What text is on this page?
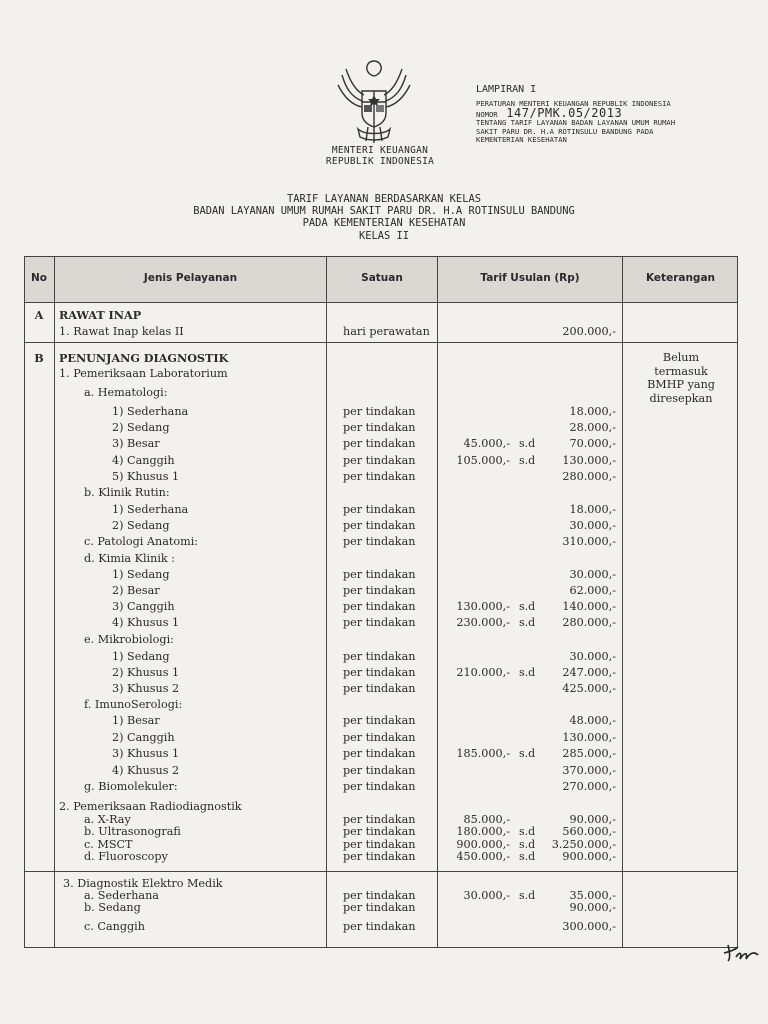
MENTERI KEUANGAN
REPUBLIK INDONESIA
LAMPIRAN I
PERATURAN MENTERI KEUANGAN REPUBLIK INDONESIA
NOMOR 147/PMK.05/2013
TENTANG TARIF LAYANAN BADAN LAYANAN UMUM RUMAH
SAKIT PARU DR. H.A ROTINSULU BANDUNG PADA
KEMENTERIAN KESEHATAN
TARIF LAYANAN BERDASARKAN KELAS
BADAN LAYANAN UMUM RUMAH SAKIT PARU DR. H.A ROTINSULU BANDUNG
PADA KEMENTERIAN KESEHATAN
KELAS II
No	Jenis Pelayanan	Satuan	Tarif Usulan (Rp)	Keterangan
Belum
termasuk
BMHP yang
diresepkan
A	RAWAT INAP
1. Rawat Inap kelas II	hari perawatan	200.000,-
B	PENUNJANG DIAGNOSTIK
1. Pemeriksaan Laboratorium
a. Hematologi:
1) Sederhana	per tindakan	18.000,-
2) Sedang	per tindakan	28.000,-
3) Besar	per tindakan	45.000,- s.d	70.000,-
4) Canggih	per tindakan	105.000,- s.d	130.000,-
5) Khusus 1	per tindakan	280.000,-
b. Klinik Rutin:
1) Sederhana	per tindakan	18.000,-
2) Sedang	per tindakan	30.000,-
c. Patologi Anatomi:	per tindakan	310.000,-
d. Kimia Klinik :
1) Sedang	per tindakan	30.000,-
2) Besar	per tindakan	62.000,-
3) Canggih	per tindakan	130.000,- s.d	140.000,-
4) Khusus 1	per tindakan	230.000,- s.d	280.000,-
e. Mikrobiologi:
1) Sedang	per tindakan	30.000,-
2) Khusus 1	per tindakan	210.000,- s.d	247.000,-
3) Khusus 2	per tindakan	425.000,-
f. ImunoSerologi:
1) Besar	per tindakan	48.000,-
2) Canggih	per tindakan	130.000,-
3) Khusus 1	per tindakan	185.000,- s.d	285.000,-
4) Khusus 2	per tindakan	370.000,-
g. Biomolekuler:	per tindakan	270.000,-
2. Pemeriksaan Radiodiagnostik
a. X-Ray	per tindakan	85.000,-	90.000,-
b. Ultrasonografi	per tindakan	180.000,- s.d	560.000,-
c. MSCT	per tindakan	900.000,- s.d	3.250.000,-
d. Fluoroscopy	per tindakan	450.000,- s.d	900.000,-
3. Diagnostik Elektro Medik
a. Sederhana	per tindakan	30.000,- s.d	35.000,-
b. Sedang	per tindakan	90.000,-
c. Canggih	per tindakan	300.000,-
